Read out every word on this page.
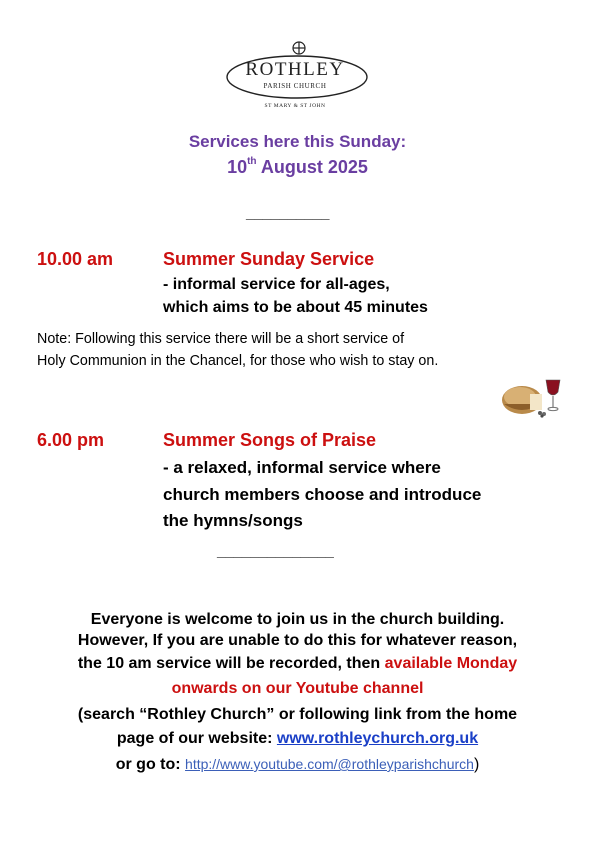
ROTHLEY
PARISH CHURCH
ST MARY & ST JOHN
Services here this Sunday:
10th August 2025
__________
10.00 am	Summer Sunday Service
- informal service for all-ages,
which aims to be about 45 minutes
Note: Following this service there will be a short service of
Holy Communion in the Chancel, for those who wish to stay on.
6.00 pm	Summer Songs of Praise
- a relaxed, informal service where
church members choose and introduce
the hymns/songs
______________
Everyone is welcome to join us in the church building.
However, If you are unable to do this for whatever reason,
the 10 am service will be recorded, then available Monday
onwards on our Youtube channel
(search “Rothley Church” or following link from the home
page of our website: www.rothleychurch.org.uk
or go to: http://www.youtube.com/@rothleyparishchurch)
